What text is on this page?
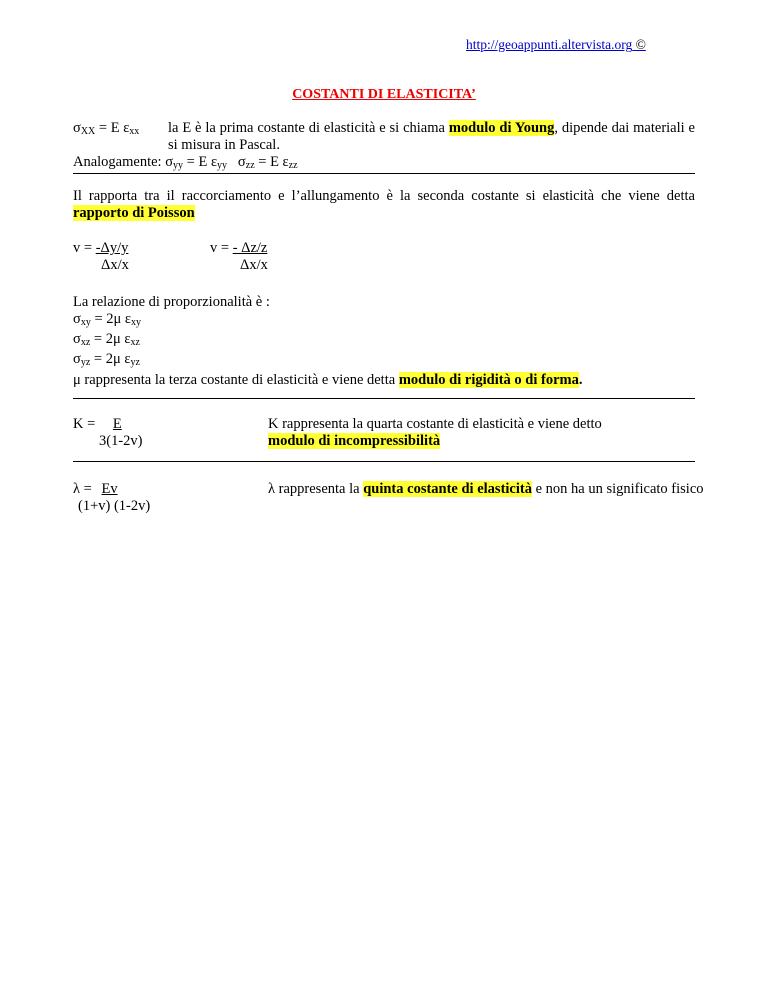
http://geoappunti.altervista.org ©
COSTANTI DI ELASTICITA’
$\sigma_{XX} = E$ $\varepsilon_{xx}$ la E è la prima costante di elasticità e si chiama modulo di Young, dipende dai materiali e si misura in Pascal.
Analogamente: $\sigma_{yy} = E$ $\varepsilon_{yy}$ $\sigma_{zz} = E$ $\varepsilon_{zz}$
Il rapporta tra il raccorciamento e l’allungamento è la seconda costante si elasticità che viene detta rapporto di Poisson
v = -Δy/y
Δx/x
v = - Δz/z
Δx/x
La relazione di proporzionalità è :
$\sigma_{xy} = 2\mu$ $\varepsilon_{xy}$
$\sigma_{xz} = 2\mu$ $\varepsilon_{xz}$
$\sigma_{yz} = 2\mu$ $\varepsilon_{yz}$
μ rappresenta la terza costante di elasticità e viene detta modulo di rigidità o di forma.
K = E
3(1-2v)
K rappresenta la quarta costante di elasticità e viene detto
modulo di incompressibilità
λ = Ev
(1+v) (1-2v)
λ rappresenta la quinta costante di elasticità e non ha un significato fisico
